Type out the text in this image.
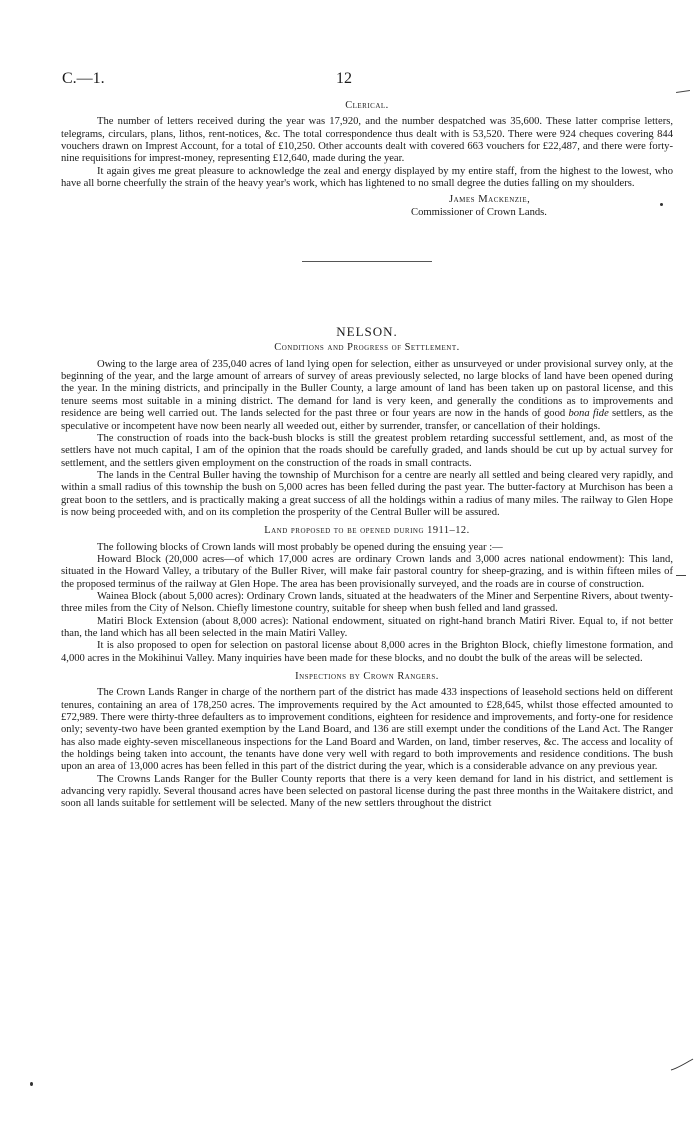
C.—1.	12
Clerical.

The number of letters received during the year was 17,920, and the number despatched was 35,600. These latter comprise letters, telegrams, circulars, plans, lithos, rent-notices, &c. The total correspondence thus dealt with is 53,520. There were 924 cheques covering 844 vouchers drawn on Imprest Account, for a total of £10,250. Other accounts dealt with covered 663 vouchers for £22,487, and there were forty-nine requisitions for imprest-money, representing £12,640, made during the year.

It again gives me great pleasure to acknowledge the zeal and energy displayed by my entire staff, from the highest to the lowest, who have all borne cheerfully the strain of the heavy year's work, which has lightened to no small degree the duties falling on my shoulders.

James Mackenzie,
Commissioner of Crown Lands.
NELSON.
Conditions and Progress of Settlement.

Owing to the large area of 235,040 acres of land lying open for selection, either as unsurveyed or under provisional survey only, at the beginning of the year, and the large amount of arrears of survey of areas previously selected, no large blocks of land have been opened during the year. In the mining districts, and principally in the Buller County, a large amount of land has been taken up on pastoral license, and this tenure seems most suitable in a mining district. The demand for land is very keen, and generally the conditions as to improvements and residence are being well carried out. The lands selected for the past three or four years are now in the hands of good bona fide settlers, as the speculative or incompetent have now been nearly all weeded out, either by surrender, transfer, or cancellation of their holdings.

The construction of roads into the back-bush blocks is still the greatest problem retarding successful settlement, and, as most of the settlers have not much capital, I am of the opinion that the roads should be carefully graded, and lands should be cut up by actual survey for settlement, and the settlers given employment on the construction of the roads in small contracts.

The lands in the Central Buller having the township of Murchison for a centre are nearly all settled and being cleared very rapidly, and within a small radius of this township the bush on 5,000 acres has been felled during the past year. The butter-factory at Murchison has been a great boon to the settlers, and is practically making a great success of all the holdings within a radius of many miles. The railway to Glen Hope is now being proceeded with, and on its completion the prosperity of the Central Buller will be assured.

Land proposed to be opened during 1911–12.

The following blocks of Crown lands will most probably be opened during the ensuing year :—

Howard Block (20,000 acres—of which 17,000 acres are ordinary Crown lands and 3,000 acres national endowment): This land, situated in the Howard Valley, a tributary of the Buller River, will make fair pastoral country for sheep-grazing, and is within fifteen miles of the proposed terminus of the railway at Glen Hope. The area has been provisionally surveyed, and the roads are in course of construction.

Wainea Block (about 5,000 acres): Ordinary Crown lands, situated at the headwaters of the Miner and Serpentine Rivers, about twenty-three miles from the City of Nelson. Chiefly limestone country, suitable for sheep when bush felled and land grassed.

Matiri Block Extension (about 8,000 acres): National endowment, situated on right-hand branch Matiri River. Equal to, if not better than, the land which has all been selected in the main Matiri Valley.

It is also proposed to open for selection on pastoral license about 8,000 acres in the Brighton Block, chiefly limestone formation, and 4,000 acres in the Mokihinui Valley. Many inquiries have been made for these blocks, and no doubt the bulk of the areas will be selected.

Inspections by Crown Rangers.

The Crown Lands Ranger in charge of the northern part of the district has made 433 inspections of leasehold sections held on different tenures, containing an area of 178,250 acres. The improvements required by the Act amounted to £28,645, whilst those effected amounted to £72,989. There were thirty-three defaulters as to improvement conditions, eighteen for residence and improvements, and forty-one for residence only; seventy-two have been granted exemption by the Land Board, and 136 are still exempt under the conditions of the Land Act. The Ranger has also made eighty-seven miscellaneous inspections for the Land Board and Warden, on land, timber reserves, &c. The access and locality of the holdings being taken into account, the tenants have done very well with regard to both improvements and residence conditions. The bush upon an area of 13,000 acres has been felled in this part of the district during the year, which is a considerable advance on any previous year.

The Crowns Lands Ranger for the Buller County reports that there is a very keen demand for land in his district, and settlement is advancing very rapidly. Several thousand acres have been selected on pastoral license during the past three months in the Waitakere district, and soon all lands suitable for settlement will be selected. Many of the new settlers throughout the district
